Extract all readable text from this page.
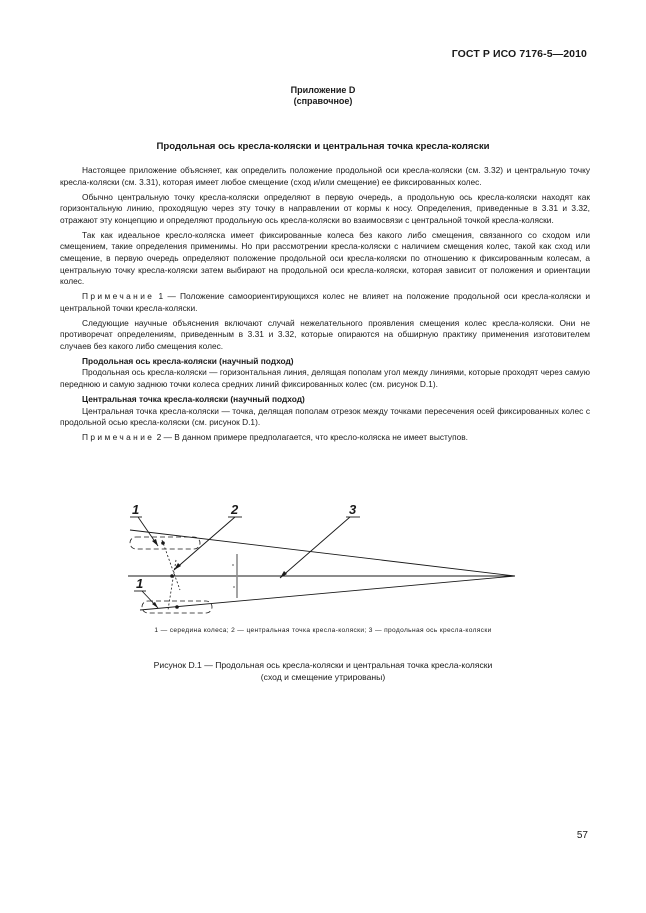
ГОСТ Р ИСО 7176-5—2010
Приложение D
(справочное)
Продольная ось кресла-коляски и центральная точка кресла-коляски

Настоящее приложение объясняет, как определить положение продольной оси кресла-коляски (см. 3.32) и центральную точку кресла-коляски (см. 3.31), которая имеет любое смещение (сход и/или смещение) ее фиксированных колес.

Обычно центральную точку кресла-коляски определяют в первую очередь, а продольную ось кресла-коляски находят как горизонтальную линию, проходящую через эту точку в направлении от кормы к носу. Определения, приведенные в 3.31 и 3.32, отражают эту концепцию и определяют продольную ось кресла-коляски во взаимосвязи с центральной точкой кресла-коляски.

Так как идеальное кресло-коляска имеет фиксированные колеса без какого либо смещения, связанного со сходом или смещением, такие определения применимы. Но при рассмотрении кресла-коляски с наличием смещения колес, такой как сход или смещение, в первую очередь определяют положение продольной оси кресла-коляски по отношению к фиксированным колесам, а центральную точку кресла-коляски затем выбирают на продольной оси кресла-коляски, которая зависит от положения и ориентации колес.

Примечание 1 — Положение самоориентирующихся колес не влияет на положение продольной оси кресла-коляски и центральной точки кресла-коляски.

Следующие научные объяснения включают случай нежелательного проявления смещения колес кресла-коляски. Они не противоречат определениям, приведенным в 3.31 и 3.32, которые опираются на обширную практику применения изготовителем случаев без какого либо смещения колес.

Продольная ось кресла-коляски (научный подход)

Продольная ось кресла-коляски — горизонтальная линия, делящая пополам угол между линиями, которые проходят через самую переднюю и самую заднюю точки колеса средних линий фиксированных колес (см. рисунок D.1).

Центральная точка кресла-коляски (научный подход)

Центральная точка кресла-коляски — точка, делящая пополам отрезок между точками пересечения осей фиксированных колес с продольной осью кресла-коляски (см. рисунок D.1).

Примечание 2 — В данном примере предполагается, что кресло-коляска не имеет выступов.

1	2	3
1
1 — середина колеса; 2 — центральная точка кресла-коляски; 3 — продольная ось кресла-коляски
Рисунок D.1 — Продольная ось кресла-коляски и центральная точка кресла-коляски
(сход и смещение утрированы)
57
